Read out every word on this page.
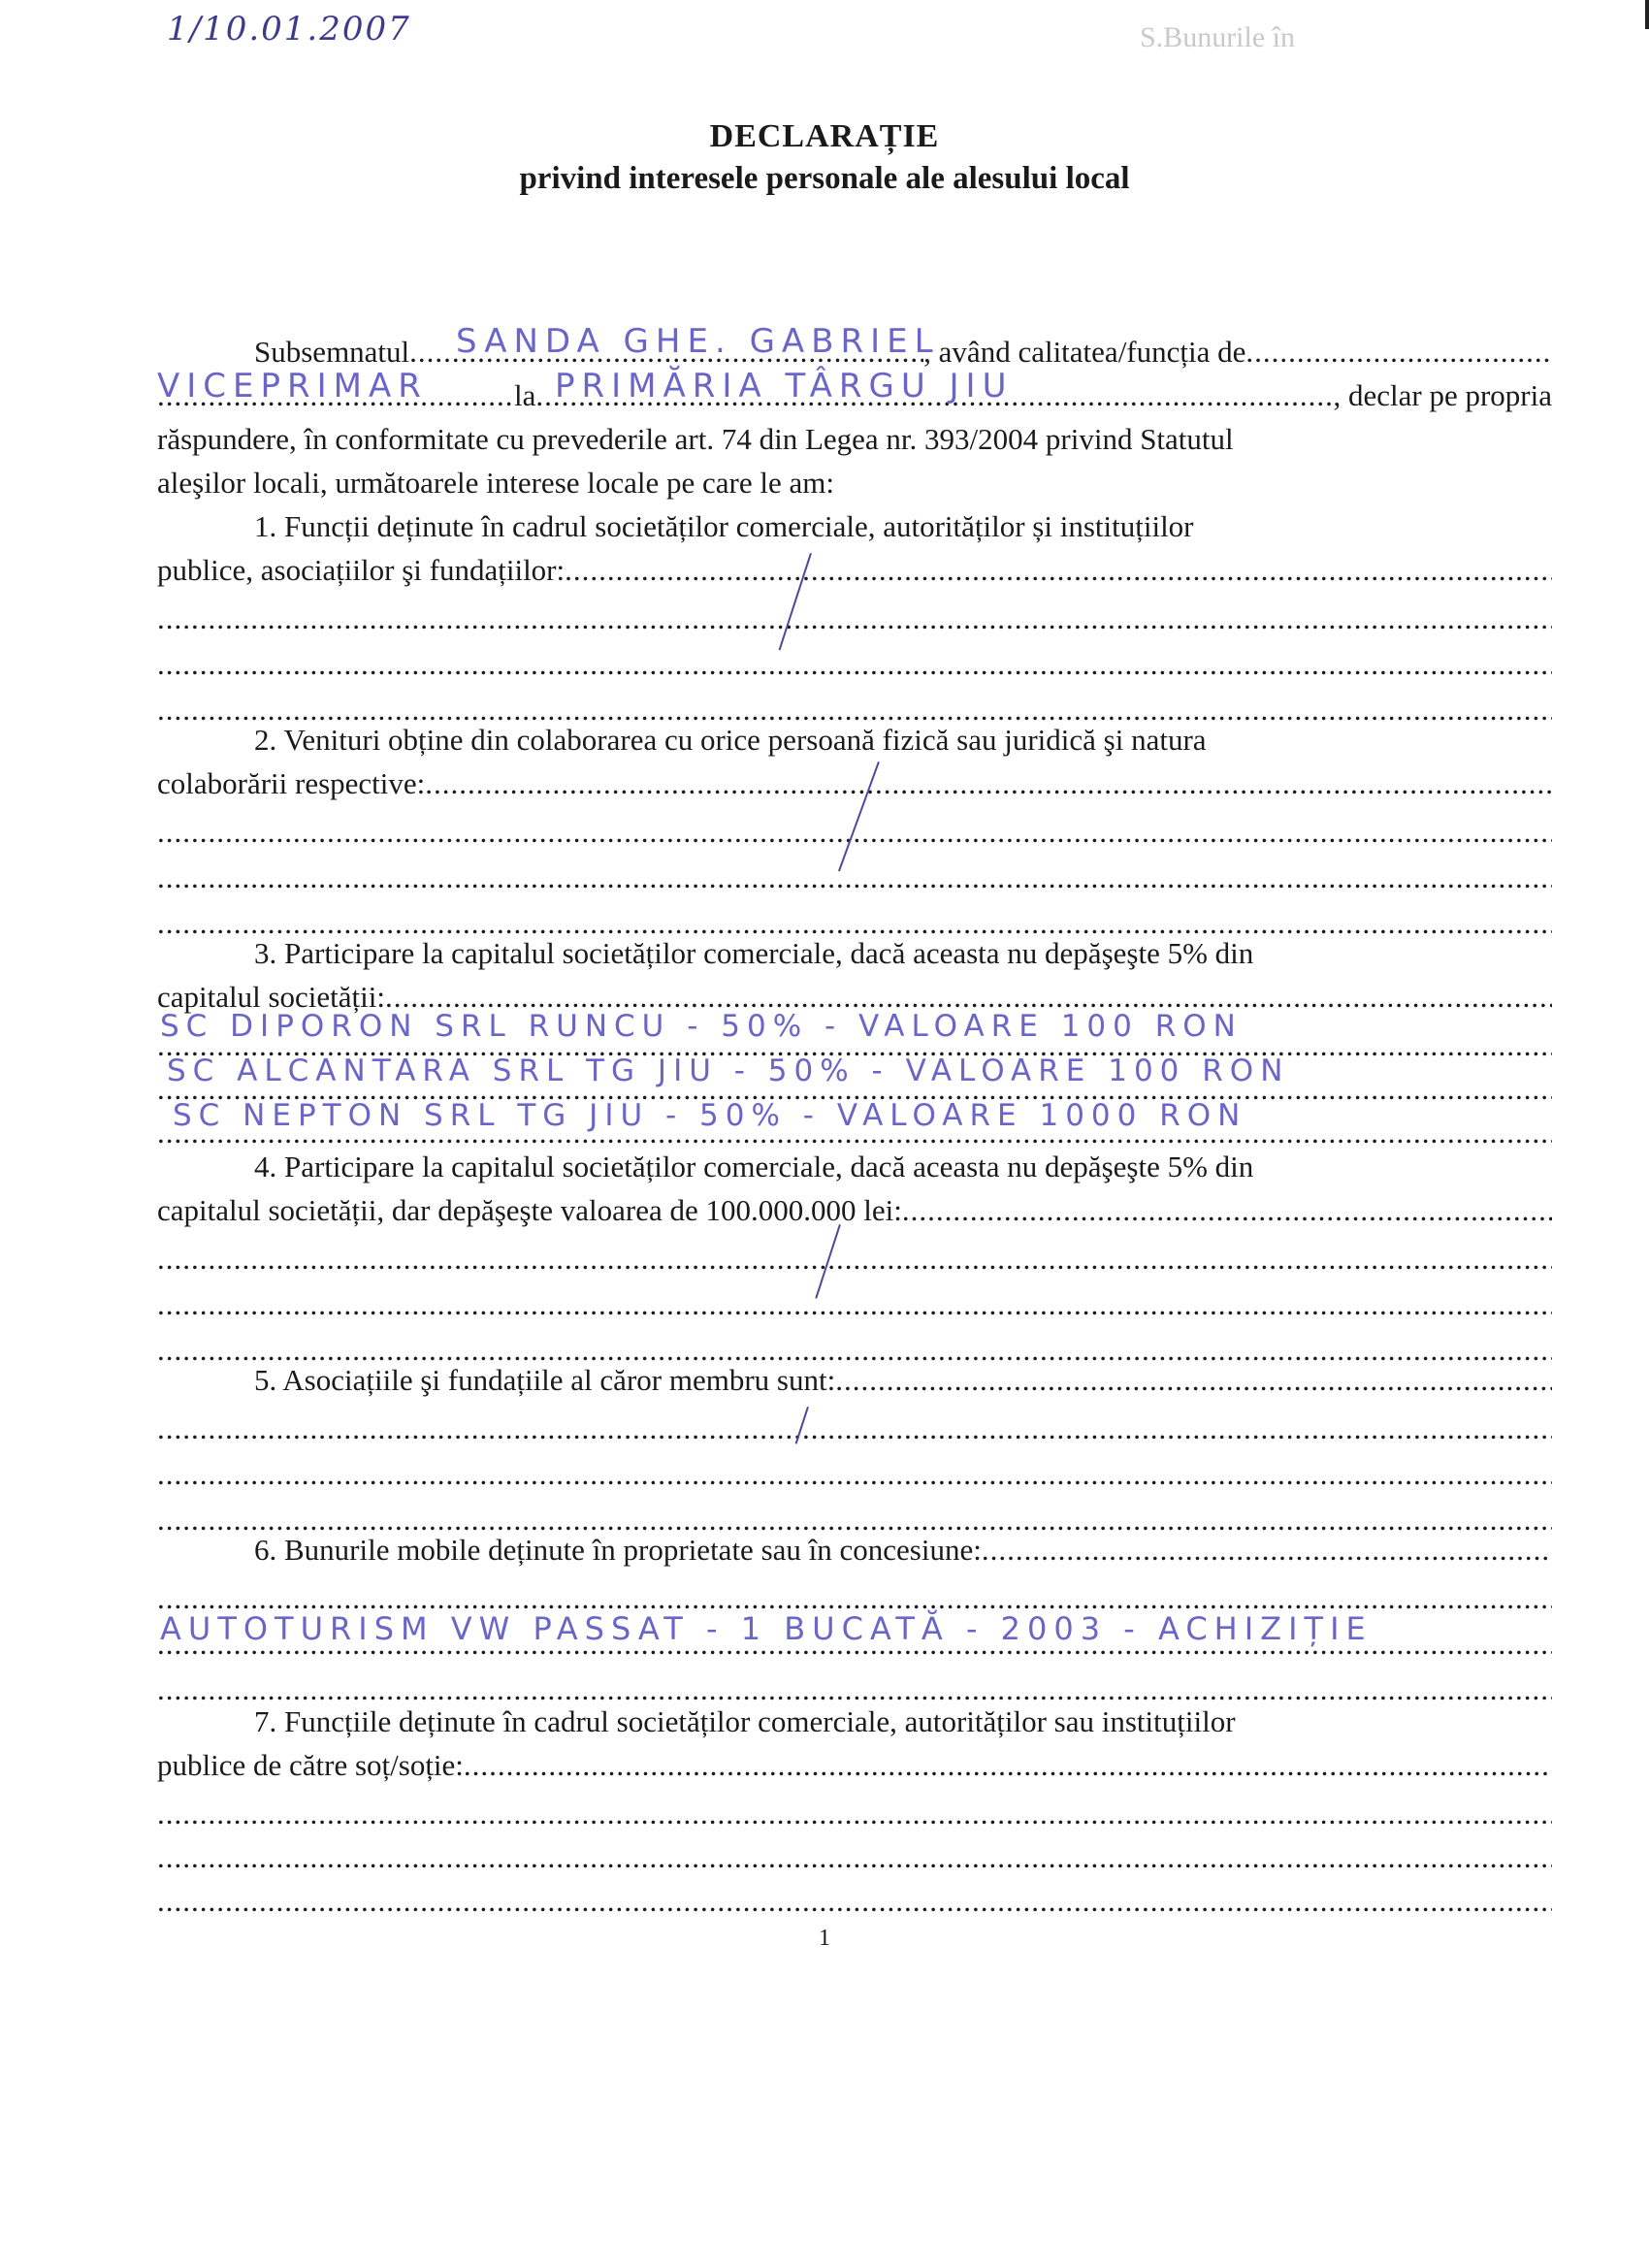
1/10.01.2007	S.Bunurile în
DECLARAȚIE
privind interesele personale ale alesului local
Subsemnatul .....	, având calitatea/funcția de
.....
SANDA GHE. GABRIEL
.....
la .....	, declar pe propria
VICEPRIMAR	PRIMĂRIA TÂRGU JIU
răspundere, în conformitate cu prevederile art. 74 din Legea nr. 393/2004 privind Statutul
aleşilor locali, următoarele interese locale pe care le am:
1. Funcții deținute în cadrul societăților comerciale, autorităților și instituțiilor
publice, asociațiilor şi fundațiilor:
.....
.....
.....
.....
2. Venituri obține din colaborarea cu orice persoană fizică sau juridică şi natura
colaborării respective:
.....
.....
.....
.....
3. Participare la capitalul societăților comerciale, dacă aceasta nu depăşeşte 5% din
capitalul societății:
.....
.....
.....
.....
SC DIPORON SRL RUNCU - 50% - VALOARE 100 RON
SC ALCANTARA SRL TG JIU - 50% - VALOARE 100 RON
SC NEPTON SRL TG JIU - 50% - VALOARE 1000 RON
4. Participare la capitalul societăților comerciale, dacă aceasta nu depăşeşte 5% din
capitalul societății, dar depăşeşte valoarea de 100.000.000 lei:
.....
.....
.....
.....
5. Asociațiile şi fundațiile al căror membru sunt:
.....
.....
.....
.....
6. Bunurile mobile deținute în proprietate sau în concesiune:
.....
.....
.....
.....
AUTOTURISM VW PASSAT - 1 BUCATĂ - 2003 - ACHIZIȚIE
7. Funcțiile deținute în cadrul societăților comerciale, autorităților sau instituțiilor
publice de către soț/soție:
.....
.....
.....
.....
1
